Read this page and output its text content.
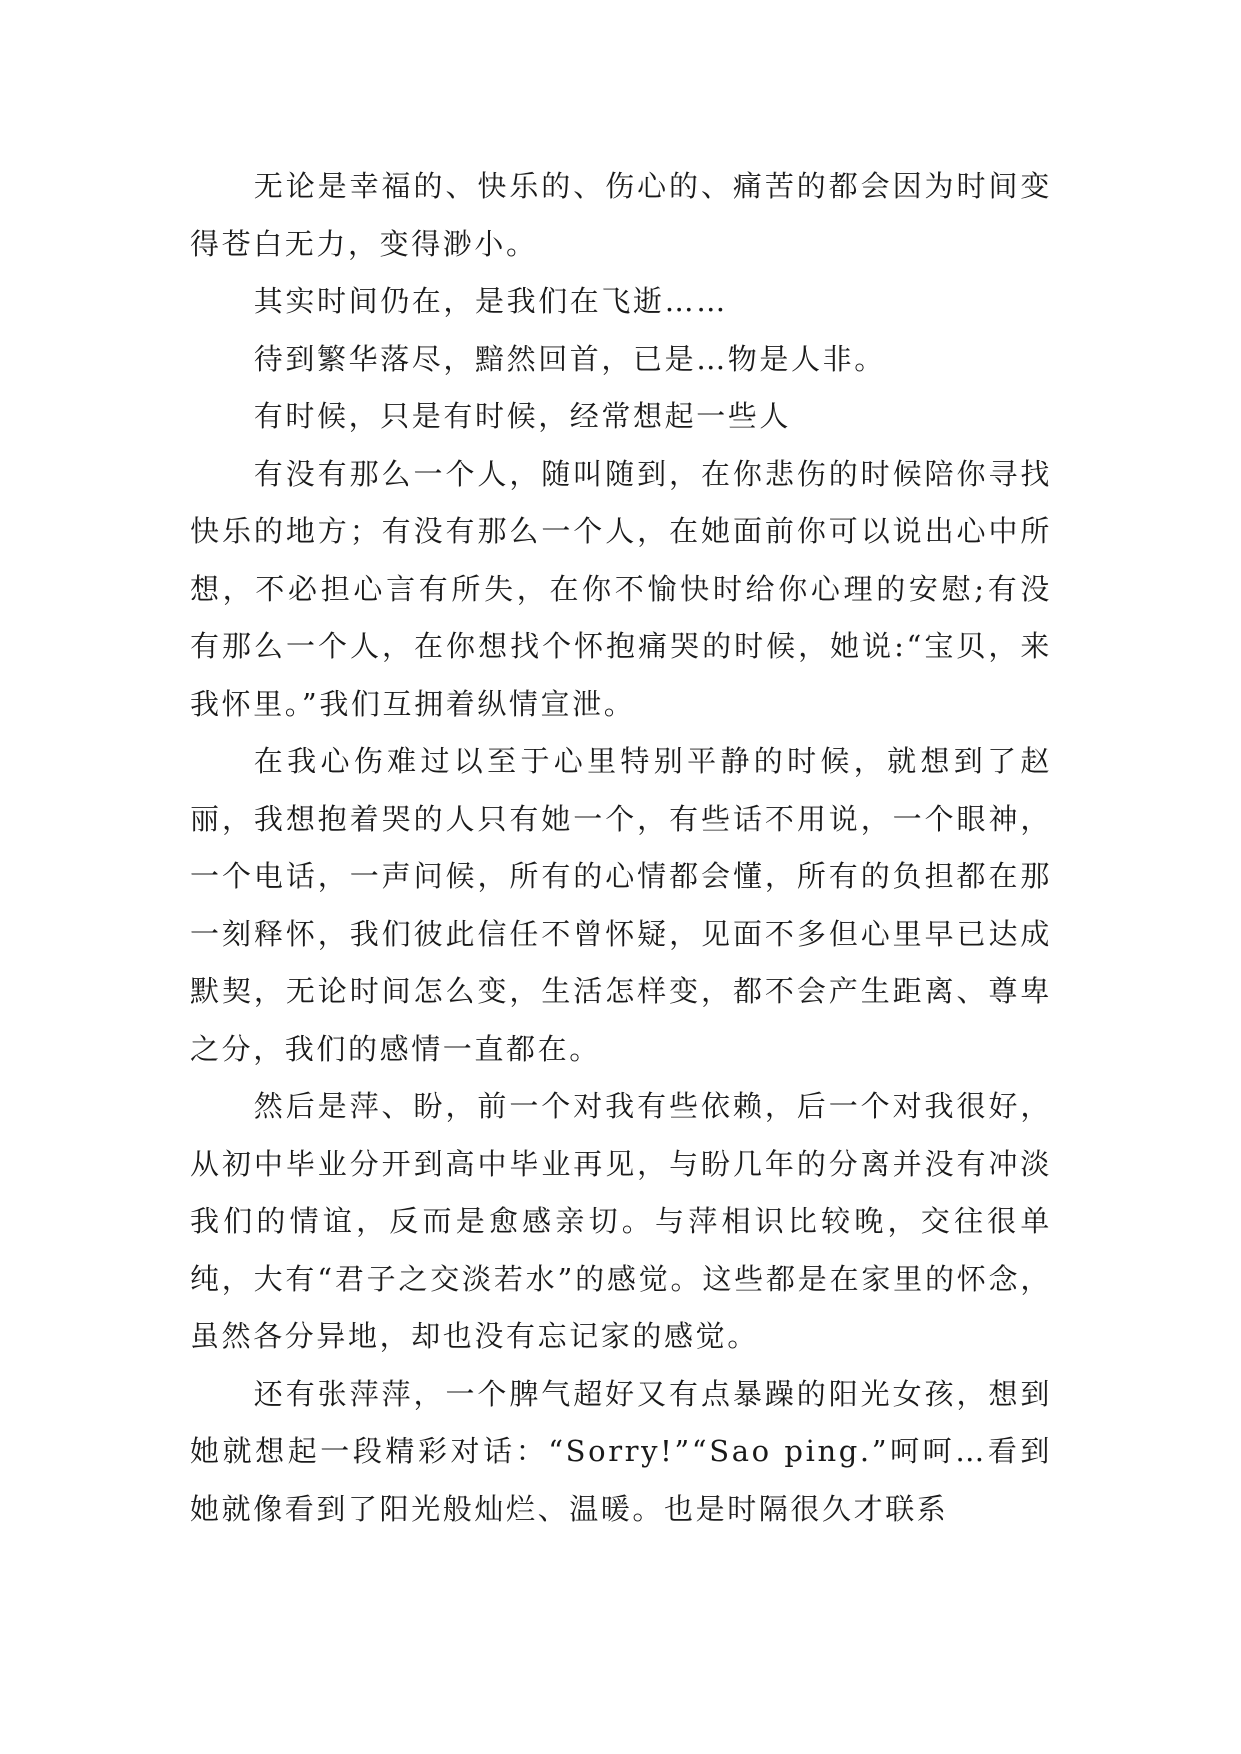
无论是幸福的、快乐的、伤心的、痛苦的都会因为时间变得苍白无力，变得渺小。

其实时间仍在，是我们在飞逝……

待到繁华落尽，黯然回首，已是…物是人非。

有时候，只是有时候，经常想起一些人

有没有那么一个人，随叫随到，在你悲伤的时候陪你寻找快乐的地方；有没有那么一个人，在她面前你可以说出心中所想，不必担心言有所失，在你不愉快时给你心理的安慰;有没有那么一个人，在你想找个怀抱痛哭的时候，她说:“宝贝，来我怀里。”我们互拥着纵情宣泄。

在我心伤难过以至于心里特别平静的时候，就想到了赵丽，我想抱着哭的人只有她一个，有些话不用说，一个眼神，一个电话，一声问候，所有的心情都会懂，所有的负担都在那一刻释怀，我们彼此信任不曾怀疑，见面不多但心里早已达成默契，无论时间怎么变，生活怎样变，都不会产生距离、尊卑之分，我们的感情一直都在。

然后是萍、盼，前一个对我有些依赖，后一个对我很好，从初中毕业分开到高中毕业再见，与盼几年的分离并没有冲淡我们的情谊，反而是愈感亲切。与萍相识比较晚，交往很单纯，大有“君子之交淡若水”的感觉。这些都是在家里的怀念，虽然各分异地，却也没有忘记家的感觉。

还有张萍萍，一个脾气超好又有点暴躁的阳光女孩，想到她就想起一段精彩对话：“Sorry!”“Sao ping.”呵呵…看到她就像看到了阳光般灿烂、温暖。也是时隔很久才联系
